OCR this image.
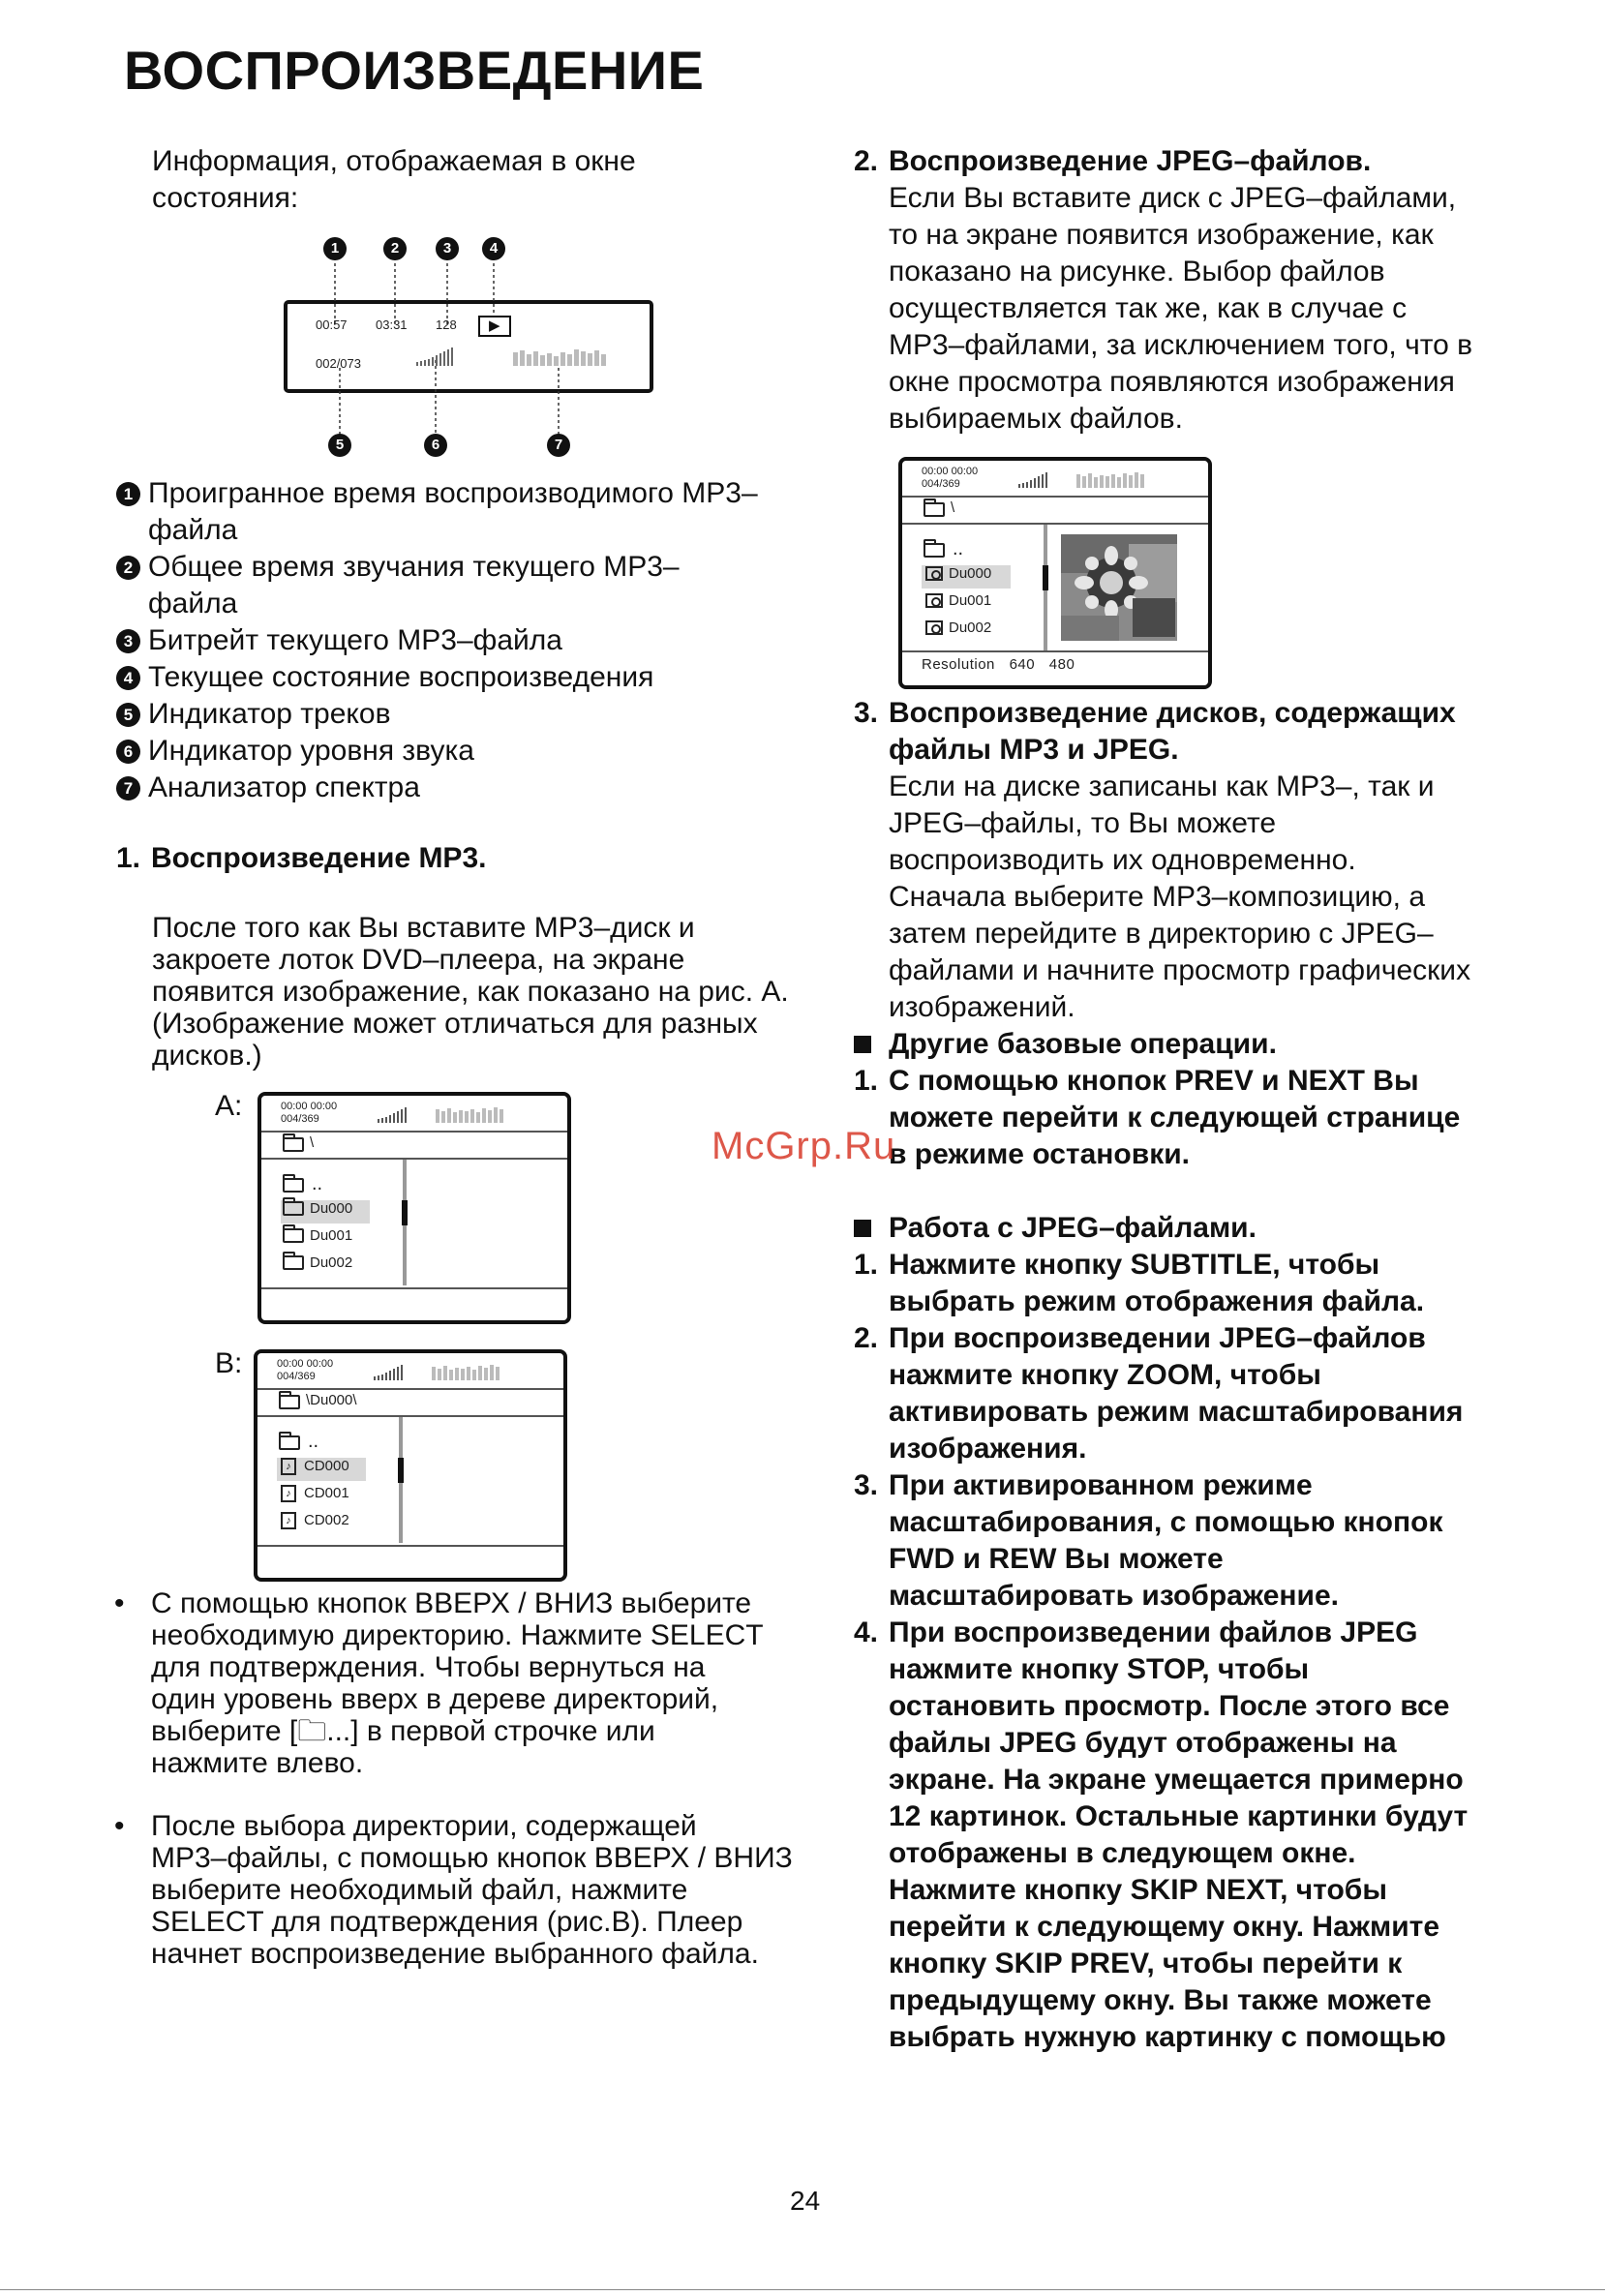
ВОСПРОИЗВЕДЕНИЕ

Информация, отображаемая в окне

состояния:

1	2	3	4
5	6	7
00:57 03:31 128 ▶
002/073
1 Проигранное время воспроизводимого MP3–
файла
2 Общее время звучания текущего MP3–
файла
3 Битрейт текущего MP3–файла
4 Текущее состояние воспроизведения
5 Индикатор треков
6 Индикатор уровня звука
7 Анализатор спектра
1. Воспроизведение MP3.

После того как Вы вставите MP3–диск и

закроете лоток DVD–плеера, на экране

появится изображение, как показано на рис. А.

(Изображение может отличаться для разных

дисков.)

A:	00:00 00:00
004/369
\
..
Du000
Du001
Du002
B:	00:00 00:00
004/369
\Du000\
..
♪ CD000
♪ CD001
♪ CD002
• С помощью кнопок ВВЕРХ / ВНИЗ выберите
необходимую директорию. Нажмите SELECT
для подтверждения. Чтобы вернуться на
один уровень вверх в дереве директорий,
выберите [🗀...] в первой строчке или
нажмите влево.
• После выбора директории, содержащей
MP3–файлы, с помощью кнопок ВВЕРХ / ВНИЗ
выберите необходимый файл, нажмите
SELECT для подтверждения (рис.В). Плеер
начнет воспроизведение выбранного файла.
2. Воспроизведение JPEG–файлов.
Если Вы вставите диск с JPEG–файлами,
то на экране появится изображение, как
показано на рисунке. Выбор файлов
осуществляется так же, как в случае с
MP3–файлами, за исключением того, что в
окне просмотра появляются изображения
выбираемых файлов.
00:00 00:00
004/369
\
..
Du000
Du001
Du002
Resolution 640 480
3. Воспроизведение дисков, содержащих
файлы MP3 и JPEG.
Если на диске записаны как MP3–, так и
JPEG–файлы, то Вы можете
воспроизводить их одновременно.
Сначала выберите MP3–композицию, а
затем перейдите в директорию с JPEG–
файлами и начните просмотр графических
изображений.
Другие базовые операции.
1. С помощью кнопок PREV и NEXT Вы
можете перейти к следующей странице
в режиме остановки.
Работа с JPEG–файлами.
1. Нажмите кнопку SUBTITLE, чтобы
выбрать режим отображения файла.
2. При воспроизведении JPEG–файлов
нажмите кнопку ZOOM, чтобы
активировать режим масштабирования
изображения.
3. При активированном режиме
масштабирования, с помощью кнопок
FWD и REW Вы можете
масштабировать изображение.
4. При воспроизведении файлов JPEG
нажмите кнопку STOP, чтобы
остановить просмотр. После этого все
файлы JPEG будут отображены на
экране. На экране умещается примерно
12 картинок. Остальные картинки будут
отображены в следующем окне.
Нажмите кнопку SKIP NEXT, чтобы
перейти к следующему окну. Нажмите
кнопку SKIP PREV, чтобы перейти к
предыдущему окну. Вы также можете
выбрать нужную картинку с помощью
McGrp.Ru
24
